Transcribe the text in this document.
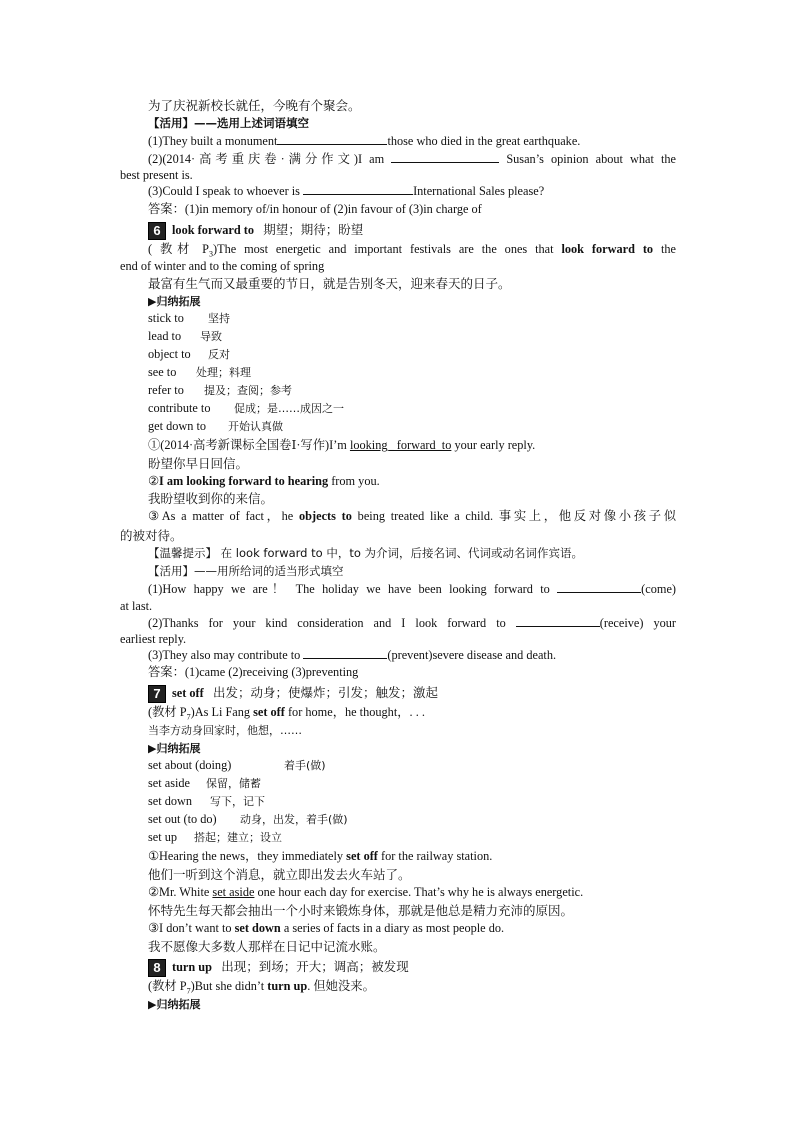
为了庆祝新校长就任，今晚有个聚会。
【活用】——选用上述词语填空
(1)They built a monument	those who died in the great earthquake.
(2)(2014·高考重庆卷·满分作文)I am	Susan’s opinion about what the
best present is.
(3)Could I speak to whoever is	International Sales please?
答案：(1)in memory of/in honour of (2)in favour of (3)in charge of
6 look forward to 期望；期待；盼望
( 教材 $P_3)The$ most energetic and important festivals are the ones that look forward to the
end of winter and to the coming of spring
最富有生气而又最重要的节日，就是告别冬天，迎来春天的日子。
▶归纳拓展
stick to 坚持
lead to 导致
object to 反对
see to 处理；料理
refer to 提及；查阅；参考
contribute to 促成；是……成因之一
get down to 开始认真做
①(2014·高考新课标全国卷Ⅰ·写作)I’m looking_ forward_to your early reply.
盼望你早日回信。
②I am looking forward to hearing from you.
我盼望收到你的来信。
③As a matter of fact，he objects to being treated like a child. 事实上，他反对像小孩子似
的被对待。
【温馨提示】 在 look forward to 中，to 为介词，后接名词、代词或动名词作宾语。
【活用】——用所给词的适当形式填空
(1)How happy we are！ The holiday we have been looking forward to	(come)
at last.
(2)Thanks for your kind consideration and I look forward to	(receive) your
earliest reply.
(3)They also may contribute to	(prevent)severe disease and death.
答案：(1)came (2)receiving (3)preventing
7 set off 出发；动身；使爆炸；引发；触发；激起
(教材 $P_7)As$ Li Fang set off for home，he thought，. . .
当李方动身回家时，他想，……
▶归纳拓展
set about (doing)	着手(做)
set aside 保留，储蓄
set down 写下，记下
set out (to do) 动身，出发，着手(做)
set up 搭起；建立；设立
①Hearing the news，they immediately set off for the railway station.
他们一听到这个消息，就立即出发去火车站了。
②Mr. White set aside one hour each day for exercise. That’s why he is always energetic.
怀特先生每天都会抽出一个小时来锻炼身体，那就是他总是精力充沛的原因。
③I don’t want to set down a series of facts in a diary as most people do.
我不愿像大多数人那样在日记中记流水账。
8 turn up 出现；到场；开大；调高；被发现
(教材 $P_7)But$ she didn’t turn up. 但她没来。
▶归纳拓展
